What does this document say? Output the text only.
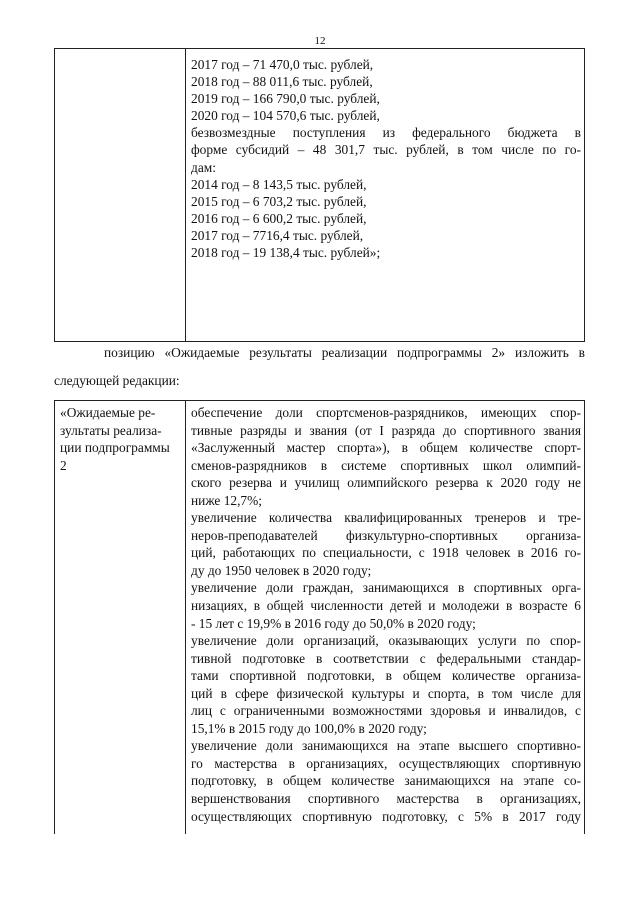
12
2017 год – 71 470,0 тыс. рублей,
2018 год – 88 011,6 тыс. рублей,
2019 год – 166 790,0 тыс. рублей,
2020 год – 104 570,6 тыс. рублей,
безвозмездные поступления из федерального бюджета в
форме субсидий – 48 301,7 тыс. рублей, в том числе по го-
дам:
2014 год – 8 143,5 тыс. рублей,
2015 год – 6 703,2 тыс. рублей,
2016 год – 6 600,2 тыс. рублей,
2017 год – 7716,4 тыс. рублей,
2018 год – 19 138,4 тыс. рублей»;
позицию «Ожидаемые результаты реализации подпрограммы 2» изложить в
следующей редакции:
«Ожидаемые ре-
зультаты реализа-
ции подпрограммы
2
обеспечение доли спортсменов-разрядников, имеющих спор-
тивные разряды и звания (от I разряда до спортивного звания
«Заслуженный мастер спорта»), в общем количестве спорт-
сменов-разрядников в системе спортивных школ олимпий-
ского резерва и училищ олимпийского резерва к 2020 году не
ниже 12,7%;
увеличение количества квалифицированных тренеров и тре-
неров-преподавателей физкультурно-спортивных организа-
ций, работающих по специальности, с 1918 человек в 2016 го-
ду до 1950 человек в 2020 году;
увеличение доли граждан, занимающихся в спортивных орга-
низациях, в общей численности детей и молодежи в возрасте 6
- 15 лет с 19,9% в 2016 году до 50,0% в 2020 году;
увеличение доли организаций, оказывающих услуги по спор-
тивной подготовке в соответствии с федеральными стандар-
тами спортивной подготовки, в общем количестве организа-
ций в сфере физической культуры и спорта, в том числе для
лиц с ограниченными возможностями здоровья и инвалидов, с
15,1% в 2015 году до 100,0% в 2020 году;
увеличение доли занимающихся на этапе высшего спортивно-
го мастерства в организациях, осуществляющих спортивную
подготовку, в общем количестве занимающихся на этапе со-
вершенствования спортивного мастерства в организациях,
осуществляющих спортивную подготовку, с 5% в 2017 году
